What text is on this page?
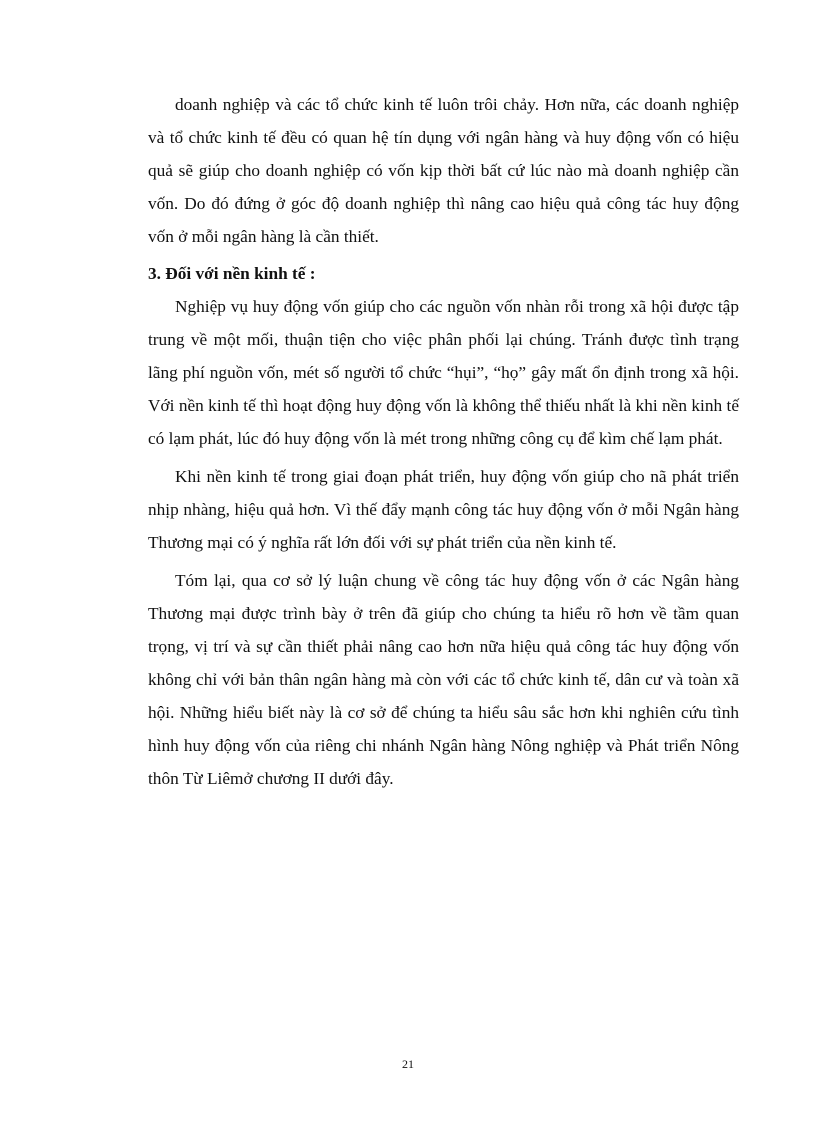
doanh nghiệp và các tổ chức kinh tế luôn trôi chảy. Hơn nữa, các doanh nghiệp và tổ chức kinh tế đều có quan hệ tín dụng với ngân hàng và huy động vốn có hiệu quả sẽ giúp cho doanh nghiệp có vốn kịp thời bất cứ lúc nào mà doanh nghiệp cần vốn. Do đó đứng ở góc độ doanh nghiệp thì nâng cao hiệu quả công tác huy động vốn ở mỗi ngân hàng là cần thiết.

3. Đối với nền kinh tế :

Nghiệp vụ huy động vốn giúp cho các nguồn vốn nhàn rỗi trong xã hội được tập trung về một mối, thuận tiện cho việc phân phối lại chúng. Tránh được tình trạng lãng phí nguồn vốn, mét số người tổ chức “hụi”, “họ” gây mất ổn định trong xã hội. Với nền kinh tế thì hoạt động huy động vốn là không thể thiếu nhất là khi nền kinh tế có lạm phát, lúc đó huy động vốn là mét trong những công cụ để kìm chế lạm phát.

Khi nền kinh tế trong giai đoạn phát triển, huy động vốn giúp cho nã phát triển nhịp nhàng, hiệu quả hơn. Vì thế đẩy mạnh công tác huy động vốn ở mỗi Ngân hàng Thương mại có ý nghĩa rất lớn đối với sự phát triển của nền kinh tế.

Tóm lại, qua cơ sở lý luận chung về công tác huy động vốn ở các Ngân hàng Thương mại được trình bày ở trên đã giúp cho chúng ta hiểu rõ hơn về tầm quan trọng, vị trí và sự cần thiết phải nâng cao hơn nữa hiệu quả công tác huy động vốn không chỉ với bản thân ngân hàng mà còn với các tổ chức kinh tế, dân cư và toàn xã hội. Những hiểu biết này là cơ sở để chúng ta hiểu sâu sắc hơn khi nghiên cứu tình hình huy động vốn của riêng chi nhánh Ngân hàng Nông nghiệp và Phát triển Nông thôn Từ Liêmở chương II dưới đây.

21
